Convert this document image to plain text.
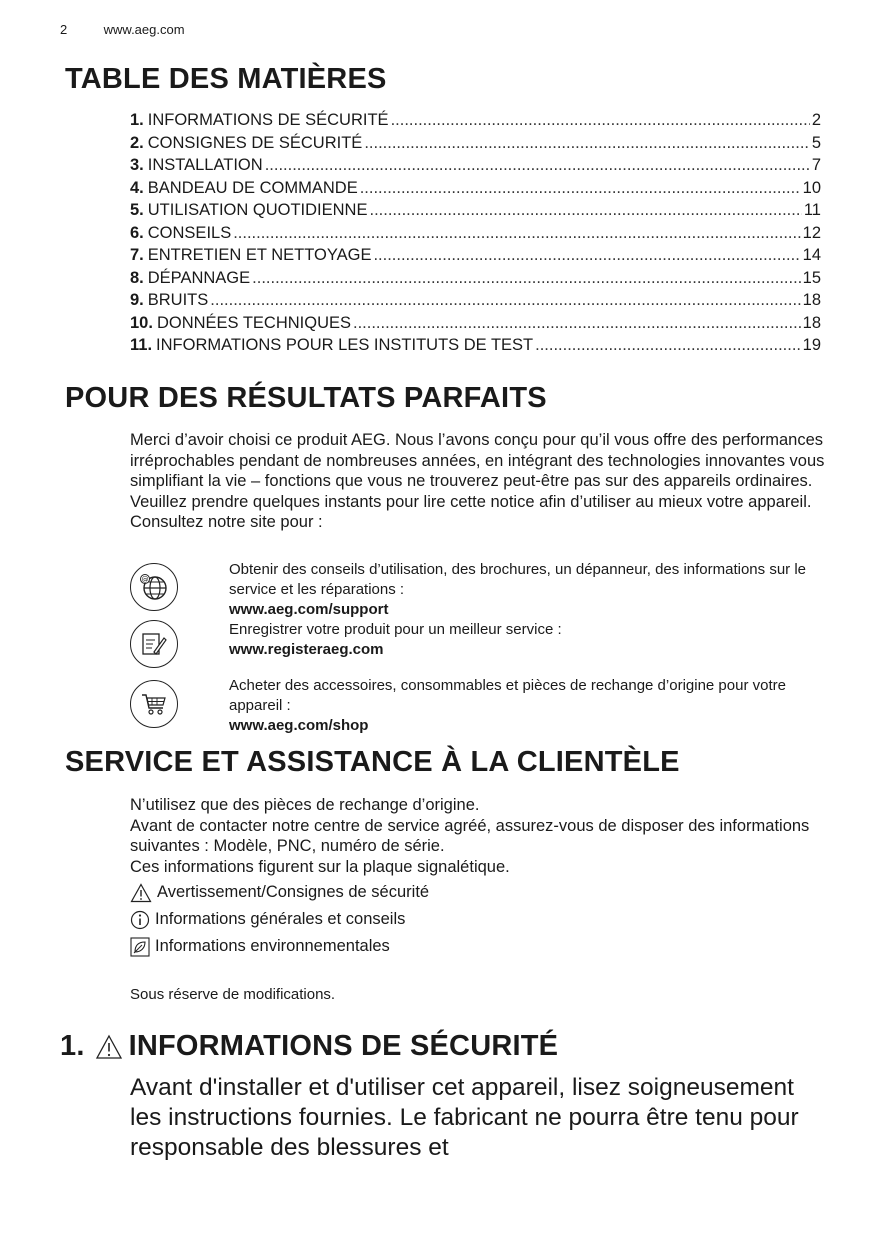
2	www.aeg.com
TABLE DES MATIÈRES
1. INFORMATIONS DE SÉCURITÉ .....	2
2. CONSIGNES DE SÉCURITÉ .....	5
3. INSTALLATION .....	7
4. BANDEAU DE COMMANDE .....	10
5. UTILISATION QUOTIDIENNE .....	11
6. CONSEILS .....	12
7. ENTRETIEN ET NETTOYAGE .....	14
8. DÉPANNAGE .....	15
9. BRUITS .....	18
10. DONNÉES TECHNIQUES .....	18
11. INFORMATIONS POUR LES INSTITUTS DE TEST .....	19
POUR DES RÉSULTATS PARFAITS
Merci d’avoir choisi ce produit AEG. Nous l’avons conçu pour qu’il vous offre des performances irréprochables pendant de nombreuses années, en intégrant des technologies innovantes vous simplifiant la vie – fonctions que vous ne trouverez peut-être pas sur des appareils ordinaires. Veuillez prendre quelques instants pour lire cette notice afin d’utiliser au mieux votre appareil.
Consultez notre site pour :
@
Obtenir des conseils d’utilisation, des brochures, un dépanneur, des informations sur le service et les réparations :
www.aeg.com/support
Enregistrer votre produit pour un meilleur service :
www.registeraeg.com
Acheter des accessoires, consommables et pièces de rechange d’origine pour votre appareil :
www.aeg.com/shop
SERVICE ET ASSISTANCE À LA CLIENTÈLE
N’utilisez que des pièces de rechange d’origine.
Avant de contacter notre centre de service agréé, assurez-vous de disposer des informations suivantes : Modèle, PNC, numéro de série.
Ces informations figurent sur la plaque signalétique.
Avertissement/Consignes de sécurité
Informations générales et conseils
Informations environnementales
Sous réserve de modifications.
1. INFORMATIONS DE SÉCURITÉ
Avant d'installer et d'utiliser cet appareil, lisez soigneusement les instructions fournies. Le fabricant ne pourra être tenu pour responsable des blessures et
